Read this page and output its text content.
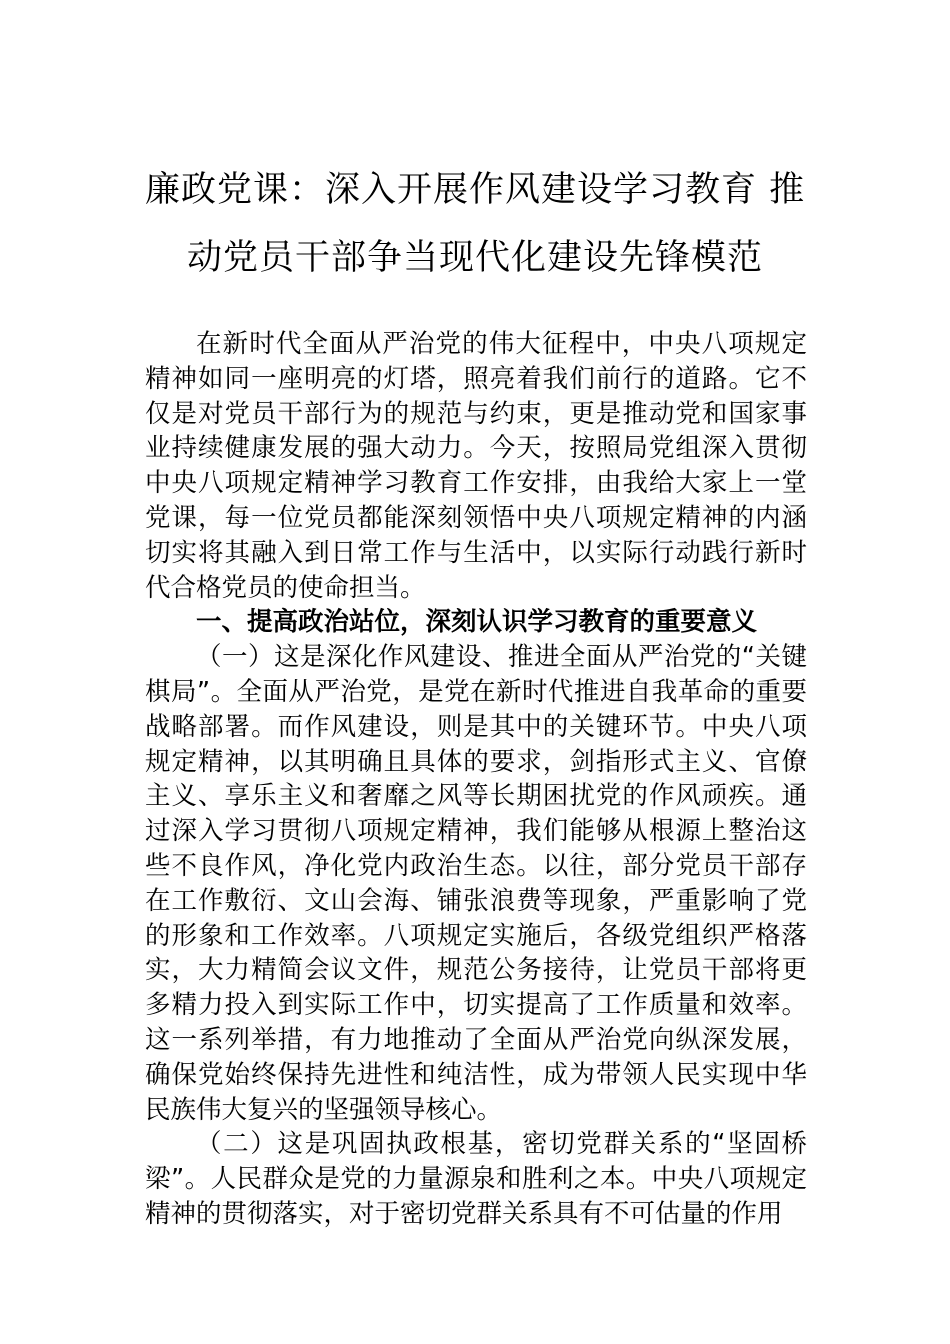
廉政党课：深入开展作风建设学习教育 推
动党员干部争当现代化建设先锋模范

在新时代全面从严治党的伟大征程中，中央八项规定精神如同一座明亮的灯塔，照亮着我们前行的道路。它不仅是对党员干部行为的规范与约束，更是推动党和国家事业持续健康发展的强大动力。今天，按照局党组深入贯彻中央八项规定精神学习教育工作安排，由我给大家上一堂党课，每一位党员都能深刻领悟中央八项规定精神的内涵切实将其融入到日常工作与生活中，以实际行动践行新时代合格党员的使命担当。

一、提高政治站位，深刻认识学习教育的重要意义

（一）这是深化作风建设、推进全面从严治党的“关键棋局”。全面从严治党，是党在新时代推进自我革命的重要战略部署。而作风建设，则是其中的关键环节。中央八项规定精神，以其明确且具体的要求，剑指形式主义、官僚主义、享乐主义和奢靡之风等长期困扰党的作风顽疾。通过深入学习贯彻八项规定精神，我们能够从根源上整治这些不良作风，净化党内政治生态。以往，部分党员干部存在工作敷衍、文山会海、铺张浪费等现象，严重影响了党的形象和工作效率。八项规定实施后，各级党组织严格落实，大力精简会议文件，规范公务接待，让党员干部将更多精力投入到实际工作中，切实提高了工作质量和效率。这一系列举措，有力地推动了全面从严治党向纵深发展，确保党始终保持先进性和纯洁性，成为带领人民实现中华民族伟大复兴的坚强领导核心。

（二）这是巩固执政根基，密切党群关系的“坚固桥梁”。人民群众是党的力量源泉和胜利之本。中央八项规定精神的贯彻落实，对于密切党群关系具有不可估量的作用
